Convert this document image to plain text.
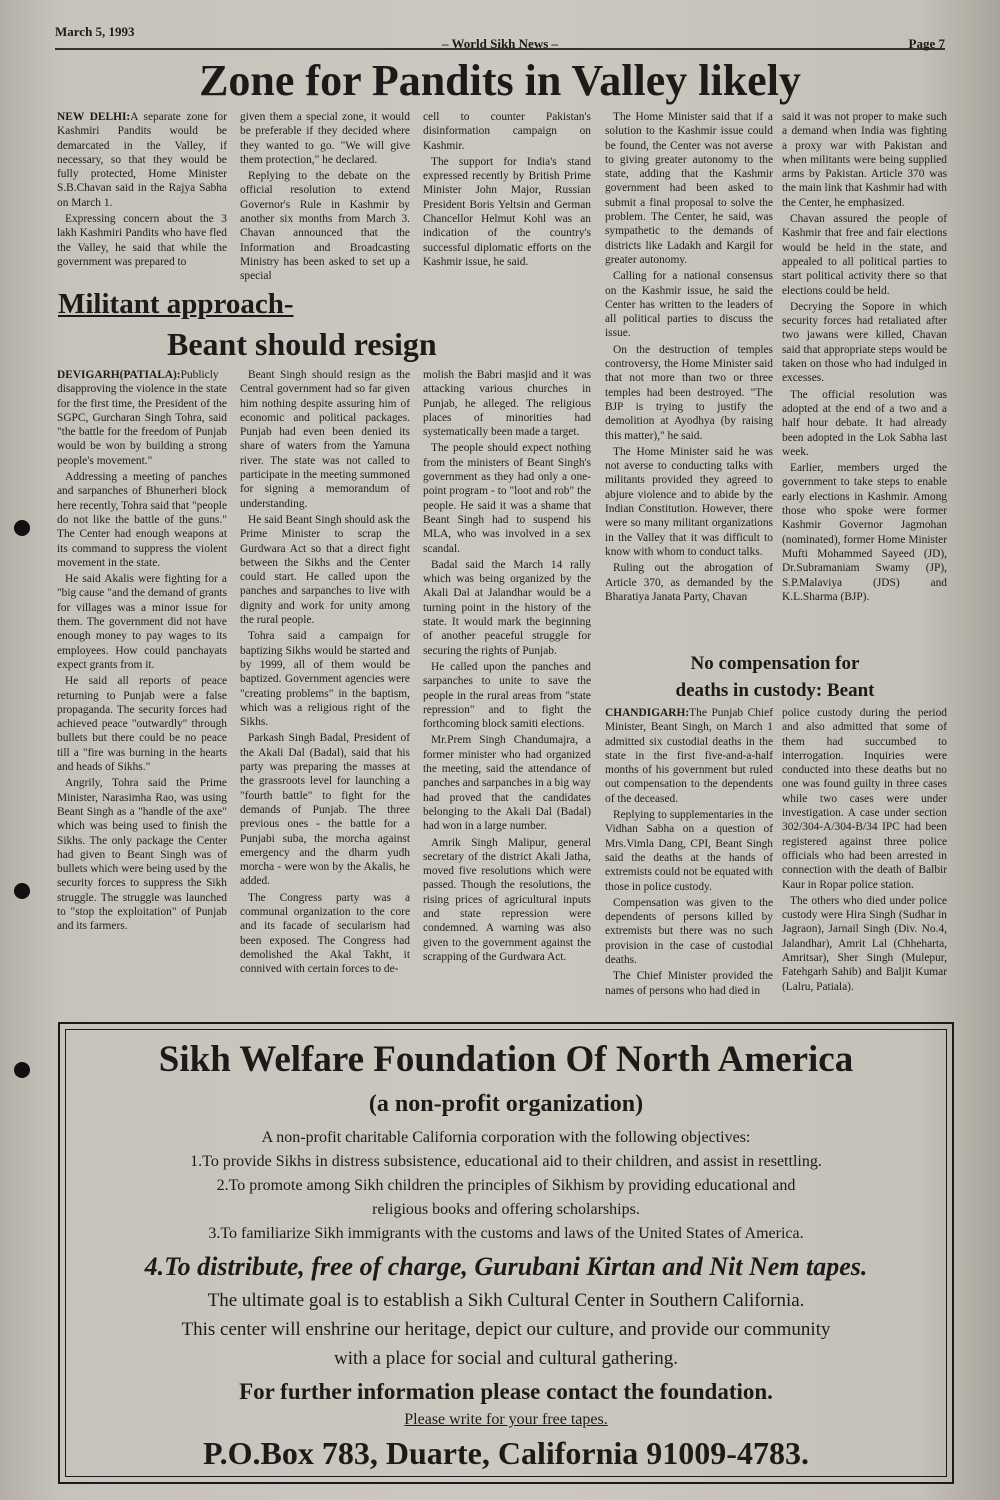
March 5, 1993
– World Sikh News –	Page 7
Zone for Pandits in Valley likely

NEW DELHI:A separate zone for Kashmiri Pandits would be demarcated in the Valley, if necessary, so that they would be fully protected, Home Minister S.B.Chavan said in the Rajya Sabha on March 1.

Expressing concern about the 3 lakh Kashmiri Pandits who have fled the Valley, he said that while the government was prepared to

given them a special zone, it would be preferable if they decided where they wanted to go. "We will give them protection," he declared.

Replying to the debate on the official resolution to extend Governor's Rule in Kashmir by another six months from March 3. Chavan announced that the Information and Broadcasting Ministry has been asked to set up a special

cell to counter Pakistan's disinformation campaign on Kashmir.

The support for India's stand expressed recently by British Prime Minister John Major, Russian President Boris Yeltsin and German Chancellor Helmut Kohl was an indication of the country's successful diplomatic efforts on the Kashmir issue, he said.

The Home Minister said that if a solution to the Kashmir issue could be found, the Center was not averse to giving greater autonomy to the state, adding that the Kashmir government had been asked to submit a final proposal to solve the problem. The Center, he said, was sympathetic to the demands of districts like Ladakh and Kargil for greater autonomy.

Calling for a national consensus on the Kashmir issue, he said the Center has written to the leaders of all political parties to discuss the issue.

On the destruction of temples controversy, the Home Minister said that not more than two or three temples had been destroyed. "The BJP is trying to justify the demolition at Ayodhya (by raising this matter)," he said.

The Home Minister said he was not averse to conducting talks with militants provided they agreed to abjure violence and to abide by the Indian Constitution. However, there were so many militant organizations in the Valley that it was difficult to know with whom to conduct talks.

Ruling out the abrogation of Article 370, as demanded by the Bharatiya Janata Party, Chavan

said it was not proper to make such a demand when India was fighting a proxy war with Pakistan and when militants were being supplied arms by Pakistan. Article 370 was the main link that Kashmir had with the Center, he emphasized.

Chavan assured the people of Kashmir that free and fair elections would be held in the state, and appealed to all political parties to start political activity there so that elections could be held.

Decrying the Sopore in which security forces had retaliated after two jawans were killed, Chavan said that appropriate steps would be taken on those who had indulged in excesses.

The official resolution was adopted at the end of a two and a half hour debate. It had already been adopted in the Lok Sabha last week.

Earlier, members urged the government to take steps to enable early elections in Kashmir. Among those who spoke were former Kashmir Governor Jagmohan (nominated), former Home Minister Mufti Mohammed Sayeed (JD), Dr.Subramaniam Swamy (JP), S.P.Malaviya (JDS) and K.L.Sharma (BJP).

Militant approach-
Beant should resign

DEVIGARH(PATIALA):Publicly disapproving the violence in the state for the first time, the President of the SGPC, Gurcharan Singh Tohra, said "the battle for the freedom of Punjab would be won by building a strong people's movement."

Addressing a meeting of panches and sarpanches of Bhunerheri block here recently, Tohra said that "people do not like the battle of the guns." The Center had enough weapons at its command to suppress the violent movement in the state.

He said Akalis were fighting for a "big cause "and the demand of grants for villages was a minor issue for them. The government did not have enough money to pay wages to its employees. How could panchayats expect grants from it.

He said all reports of peace returning to Punjab were a false propaganda. The security forces had achieved peace "outwardly" through bullets but there could be no peace till a "fire was burning in the hearts and heads of Sikhs."

Angrily, Tohra said the Prime Minister, Narasimha Rao, was using Beant Singh as a "handle of the axe" which was being used to finish the Sikhs. The only package the Center had given to Beant Singh was of bullets which were being used by the security forces to suppress the Sikh struggle. The struggle was launched to "stop the exploitation" of Punjab and its farmers.

Beant Singh should resign as the Central government had so far given him nothing despite assuring him of economic and political packages. Punjab had even been denied its share of waters from the Yamuna river. The state was not called to participate in the meeting summoned for signing a memorandum of understanding.

He said Beant Singh should ask the Prime Minister to scrap the Gurdwara Act so that a direct fight between the Sikhs and the Center could start. He called upon the panches and sarpanches to live with dignity and work for unity among the rural people.

Tohra said a campaign for baptizing Sikhs would be started and by 1999, all of them would be baptized. Government agencies were "creating problems" in the baptism, which was a religious right of the Sikhs.

Parkash Singh Badal, President of the Akali Dal (Badal), said that his party was preparing the masses at the grassroots level for launching a "fourth battle" to fight for the demands of Punjab. The three previous ones - the battle for a Punjabi suba, the morcha against emergency and the dharm yudh morcha - were won by the Akalis, he added.

The Congress party was a communal organization to the core and its facade of secularism had been exposed. The Congress had demolished the Akal Takht, it connived with certain forces to de-

molish the Babri masjid and it was attacking various churches in Punjab, he alleged. The religious places of minorities had systematically been made a target.

The people should expect nothing from the ministers of Beant Singh's government as they had only a one-point program - to "loot and rob" the people. He said it was a shame that Beant Singh had to suspend his MLA, who was involved in a sex scandal.

Badal said the March 14 rally which was being organized by the Akali Dal at Jalandhar would be a turning point in the history of the state. It would mark the beginning of another peaceful struggle for securing the rights of Punjab.

He called upon the panches and sarpanches to unite to save the people in the rural areas from "state repression" and to fight the forthcoming block samiti elections.

Mr.Prem Singh Chandumajra, a former minister who had organized the meeting, said the attendance of panches and sarpanches in a big way had proved that the candidates belonging to the Akali Dal (Badal) had won in a large number.

Amrik Singh Malipur, general secretary of the district Akali Jatha, moved five resolutions which were passed. Though the resolutions, the rising prices of agricultural inputs and state repression were condemned. A warning was also given to the government against the scrapping of the Gurdwara Act.

No compensation for
deaths in custody: Beant

CHANDIGARH:The Punjab Chief Minister, Beant Singh, on March 1 admitted six custodial deaths in the state in the first five-and-a-half months of his government but ruled out compensation to the dependents of the deceased.

Replying to supplementaries in the Vidhan Sabha on a question of Mrs.Vimla Dang, CPI, Beant Singh said the deaths at the hands of extremists could not be equated with those in police custody.

Compensation was given to the dependents of persons killed by extremists but there was no such provision in the case of custodial deaths.

The Chief Minister provided the names of persons who had died in

police custody during the period and also admitted that some of them had succumbed to interrogation. Inquiries were conducted into these deaths but no one was found guilty in three cases while two cases were under investigation. A case under section 302/304-A/304-B/34 IPC had been registered against three police officials who had been arrested in connection with the death of Balbir Kaur in Ropar police station.

The others who died under police custody were Hira Singh (Sudhar in Jagraon), Jarnail Singh (Div. No.4, Jalandhar), Amrit Lal (Chheharta, Amritsar), Sher Singh (Mulepur, Fatehgarh Sahib) and Baljit Kumar (Lalru, Patiala).

Sikh Welfare Foundation Of North America
(a non-profit organization)
A non-profit charitable California corporation with the following objectives:
1.To provide Sikhs in distress subsistence, educational aid to their children, and assist in resettling.
2.To promote among Sikh children the principles of Sikhism by providing educational and
religious books and offering scholarships.
3.To familiarize Sikh immigrants with the customs and laws of the United States of America.
4.To distribute, free of charge, Gurubani Kirtan and Nit Nem tapes.
The ultimate goal is to establish a Sikh Cultural Center in Southern California.
This center will enshrine our heritage, depict our culture, and provide our community
with a place for social and cultural gathering.
For further information please contact the foundation.
Please write for your free tapes.
P.O.Box 783, Duarte, California 91009-4783.
